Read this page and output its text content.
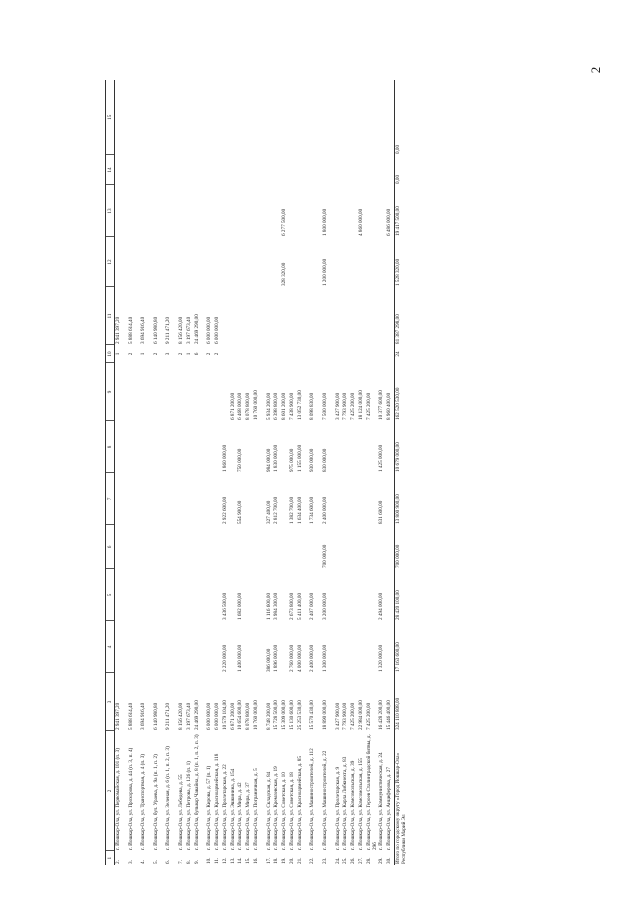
2
1	2	3	4	5	6	7	8	9	10	11	12	13	14	15
2.	г. Йошкар-Ола, ул. Первомайская, д. 101 (п. 3)	2 941 397,20							1	2 941 397,20				
3.	г. Йошкар-Ола, ул. Прохорова, д. 44 (п. 3, п. 4)	5 888 614,40							2	5 888 614,40				
4.	г. Йошкар-Ола, ул. Транспортная, д. 4 (п. 3)	3 694 916,40							1	3 694 916,40				
5.	г. Йошкар-Ола, бул. Ураева, д. 9а (п. 1, п. 2)	6 140 980,80							2	6 140 980,80				
6.	г. Йошкар-Ола, ул. Зеленая, д. 6 (п. 1, п. 2, п. 3)	9 211 471,20							3	9 211 471,20				
7.	г. Йошкар-Ола, ул. Лебедева, д. 55	8 156 420,00							2	8 156 420,00				
8.	г. Йошкар-Ола, ул. Петрова, д. 126 (п. 1)	3 197 673,40							1	3 197 673,40				
9.	г. Йошкар-Ола, бульвар Чавайна, д. 8 (п. 1, п. 2, п. 3)	24 469 290,00							6	24 469 290,00				
10.	г. Йошкар-Ола, ул. Кирова, д. 57 (п. 1)	6 000 000,00							2	6 000 000,00				
11.	г. Йошкар-Ола, ул. Красноармейская, д. 118	6 000 000,00							2	6 000 000,00				
12.	г. Йошкар-Ола, ул. Пролетарская, д. 22	10 579 104,00	2 220 000,00	3 436 500,00		2 922 600,00	1 860 000,00							
13.	г. Йошкар-Ола, ул. Эшкинина, д. 154	6 871 200,00						6 871 200,00						
14.	г. Йошкар-Ола, ул. Мира, д. 42	10 654 600,00	1 400 000,00	1 682 000,00		554 900,00	750 000,00	6 468 000,00						
15.	г. Йошкар-Ола, ул. Мира, д. 37	8 078 800,00						8 078 800,00						
16.	г. Йошкар-Ола, ул. Пограничная, д. 5	10 760 000,00						10 760 000,00						
17.	г. Йошкар-Ола, ул. Складская, д. 84	8 748 200,00	386 000,00	1 116 600,00		327 400,00	984 000,00	5 934 200,00						
18.	г. Йошкар-Ола, ул. Кремлевская, д. 19	15 728 500,00	1 896 000,00	3 984 300,00		2 812 700,00	1 830 000,00	6 398 800,00						
19.	г. Йошкар-Ола, ул. Советская, д. 10	15 309 000,00						8 601 200,00			328 320,00	6 277 500,00		
20.	г. Йошкар-Ола, ул. Советская, д. 18	15 130 600,00	2 760 000,00	2 673 800,00		1 382 700,00	975 000,00	7 438 900,00						
21.	г. Йошкар-Ола, ул. Красноармейская, д. 85	25 253 530,00	4 000 000,00	5 411 400,00		1 634 400,00	1 155 000,00	13 052 730,00						
22.	г. Йошкар-Ола, ул. Машиностроителей, д. 112	15 570 430,00	2 400 000,00	2 407 000,00		1 734 600,00	930 000,00	8 098 830,00						
23.	г. Йошкар-Ола, ул. Машиностроителей, д. 22	18 890 000,00	1 300 000,00	3 200 000,00	700 000,00	2 400 000,00	830 000,00	7 500 000,00			1 200 000,00	1 800 000,00		
24.	г. Йошкар-Ола, ул. Пролетарская, д. 9	3 427 900,00						3 427 900,00						
25.	г. Йошкар-Ола, ул. Карла Либкнехта, д. 83	7 793 900,00						7 793 900,00						
26.	г. Йошкар-Ола, ул. Комсомольская, д. 39	7 425 200,00						7 425 200,00						
27.	г. Йошкар-Ола, ул. Комсомольская, д. 155	22 984 000,00						18 124 000,00				4 860 000,00		
28.	г. Йошкар-Ола, ул. Героев Сталинградской битвы, д. 29б	7 425 200,00						7 425 200,00						
29.	г. Йошкар-Ола, ул. Коммунистическая, д. 24	16 428 200,00	1 320 000,00	2 494 000,00		831 600,00	1 425 000,00	10 377 600,00						
30.	г. Йошкар-Ола, ул. Анциферова, д. 27	15 446 400,00						8 960 400,00				6 486 000,00		
Итого по городскому округу «Город Йошкар-Ола» Республики Марий Эл		324 110 808,00	17 163 600,00	28 420 100,00	700 000,00	13 800 900,00	10 679 000,00	162 520 530,00	24	81 387 298,00	1 528 320,00	19 417 500,00	0,00	0,00
